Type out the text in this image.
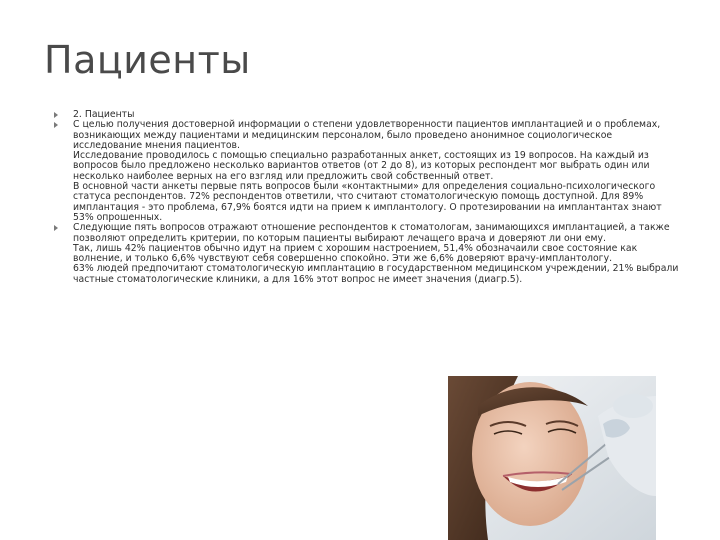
Пациенты

2. Пациенты

С целью получения достоверной информации о степени удовлетворенности пациентов имплантацией и о проблемах, возникающих между пациентами и медицинским персоналом, было проведено анонимное социологическое исследование мнения пациентов.

Исследование проводилось с помощью специально разработанных анкет, состоящих из 19 вопросов. На каждый из вопросов было предложено несколько вариантов ответов (от 2 до 8), из которых респондент мог выбрать один или несколько наиболее верных на его взгляд или предложить свой собственный ответ.

В основной части анкеты первые пять вопросов были «контактными» для определения социально-психологического статуса респондентов. 72% респондентов ответили, что считают стоматологическую помощь доступной. Для 89% имплантация - это проблема, 67,9% боятся идти на прием к имплантологу. О протезировании на имплантантах знают 53% опрошенных.

Следующие пять вопросов отражают отношение респондентов к стоматологам, занимающихся имплантацией, а также позволяют определить критерии, по которым пациенты выбирают лечащего врача и доверяют ли они ему.

Так, лишь 42% пациентов обычно идут на прием с хорошим настроением, 51,4% обозначаили свое состояние как волнение, и только 6,6% чувствуют себя совершенно спокойно. Эти же 6,6% доверяют врачу-имплантологу.

63% людей предпочитают стоматологическую имплантацию в государственном медицинском учреждении, 21% выбрали частные стоматологические клиники, а для 16% этот вопрос не имеет значения (диагр.5).
